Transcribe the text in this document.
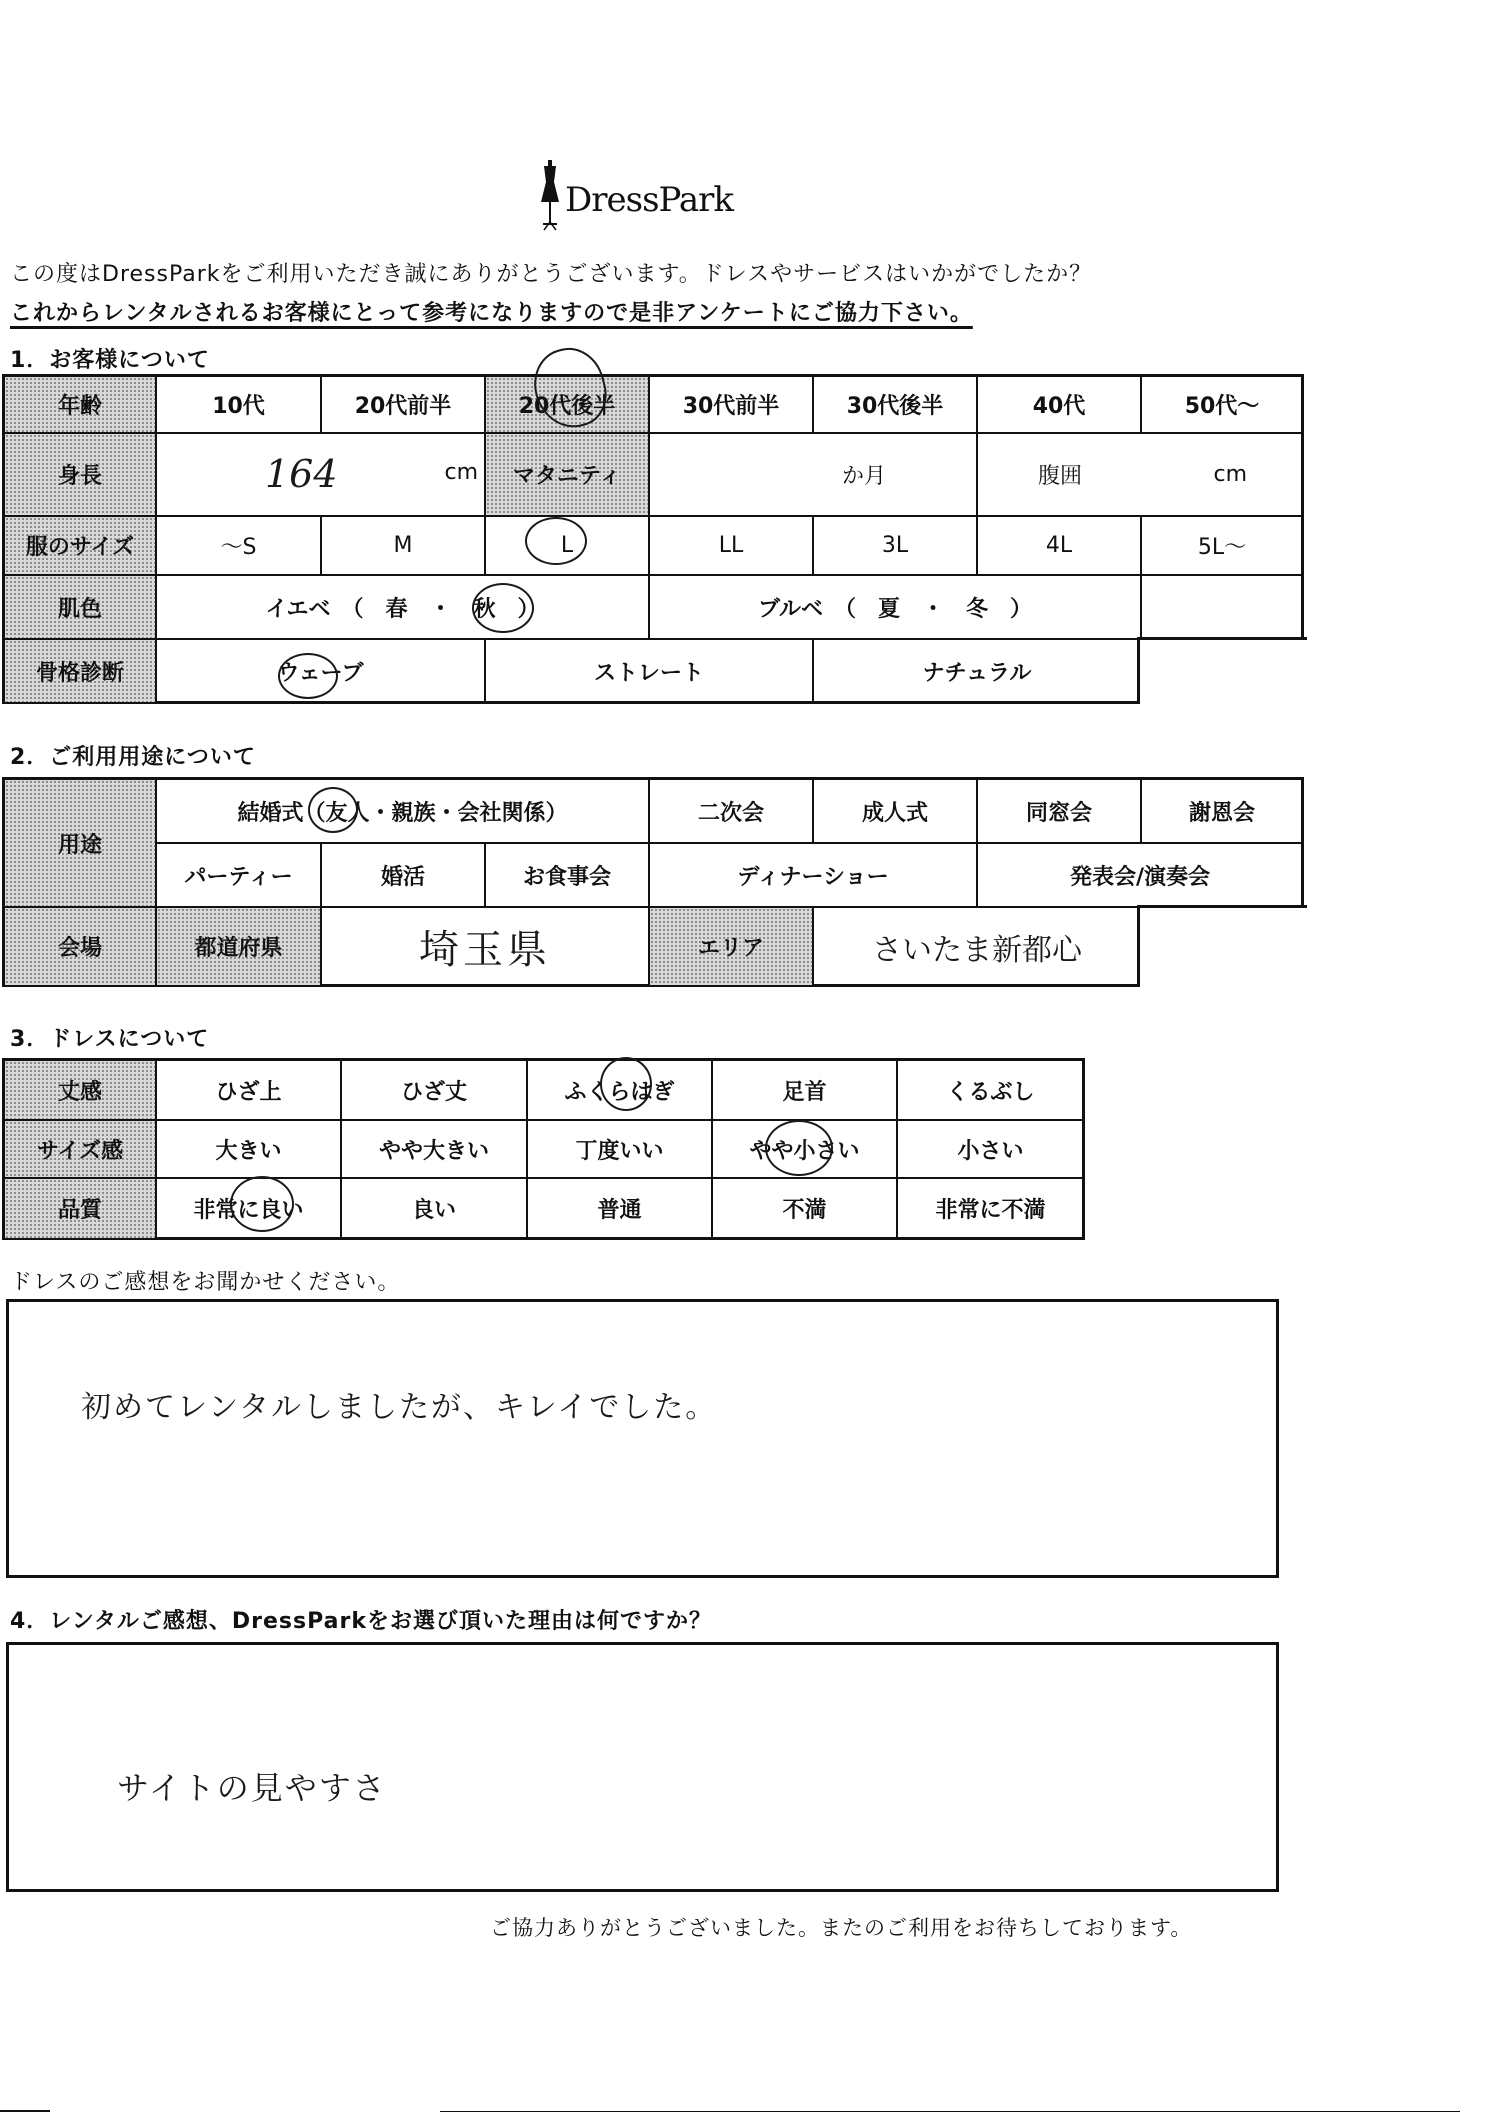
DressPark
この度はDressParkをご利用いただき誠にありがとうございます。ドレスやサービスはいかがでしたか？
これからレンタルされるお客様にとって参考になりますので是非アンケートにご協力下さい。
1．お客様について
年齢	10代	20代前半	20代後半	30代前半	30代後半	40代	50代〜
身長	164	cm	マタニティ	か月	腹囲	cm
服のサイズ	〜S	M	L	LL	3L	4L	5L〜
肌色	イエベ　（　春　・　秋　）	ブルベ　（　夏　・　冬　）
骨格診断	ウェーブ	ストレート	ナチュラル
2．ご利用用途について
用途
結婚式（友人・親族・会社関係）	二次会	成人式	同窓会	謝恩会
パーティー	婚活	お食事会	ディナーショー	発表会/演奏会
会場	都道府県	埼玉県	エリア	さいたま新都心
3．ドレスについて
丈感	ひざ上	ひざ丈	ふくらはぎ	足首	くるぶし
サイズ感	大きい	やや大きい	丁度いい	やや小さい	小さい
品質	非常に良い	良い	普通	不満	非常に不満
ドレスのご感想をお聞かせください。
初めてレンタルしましたが、キレイでした。
4．レンタルご感想、DressParkをお選び頂いた理由は何ですか？
サイトの見やすさ
ご協力ありがとうございました。またのご利用をお待ちしております。
